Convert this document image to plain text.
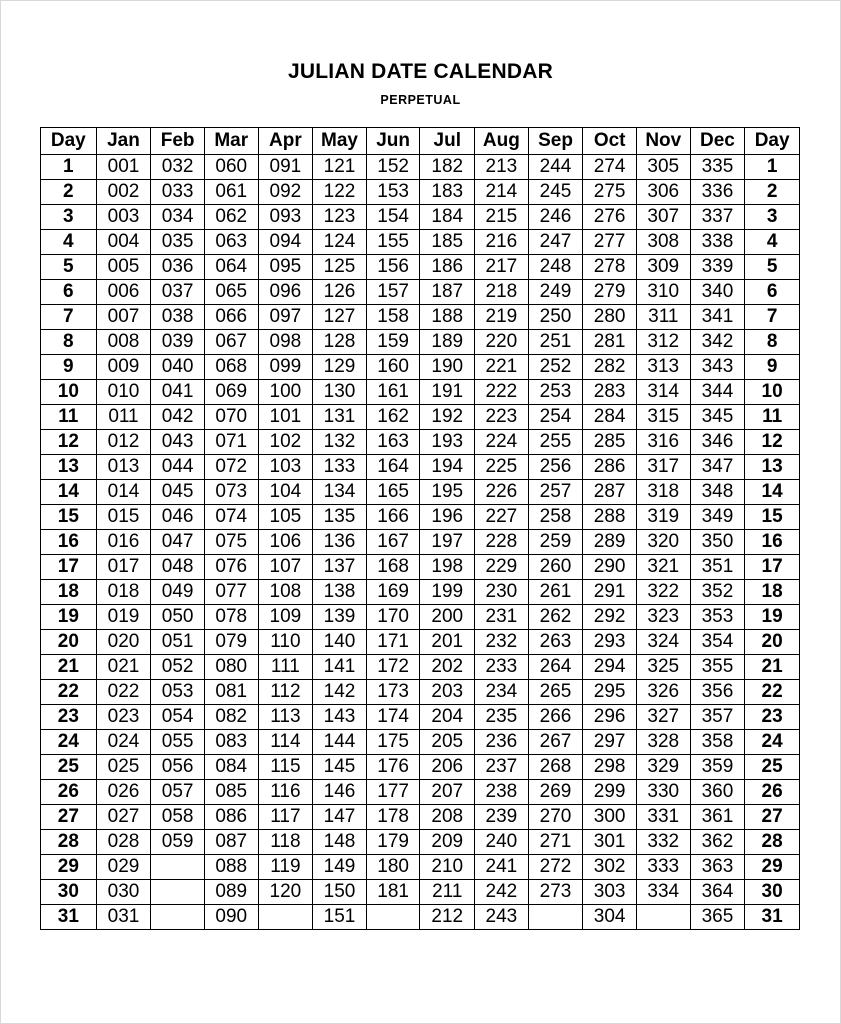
JULIAN DATE CALENDAR
PERPETUAL
Day	Jan	Feb	Mar	Apr	May	Jun	Jul	Aug	Sep	Oct	Nov	Dec	Day
1	001	032	060	091	121	152	182	213	244	274	305	335	1
2	002	033	061	092	122	153	183	214	245	275	306	336	2
3	003	034	062	093	123	154	184	215	246	276	307	337	3
4	004	035	063	094	124	155	185	216	247	277	308	338	4
5	005	036	064	095	125	156	186	217	248	278	309	339	5
6	006	037	065	096	126	157	187	218	249	279	310	340	6
7	007	038	066	097	127	158	188	219	250	280	311	341	7
8	008	039	067	098	128	159	189	220	251	281	312	342	8
9	009	040	068	099	129	160	190	221	252	282	313	343	9
10	010	041	069	100	130	161	191	222	253	283	314	344	10
11	011	042	070	101	131	162	192	223	254	284	315	345	11
12	012	043	071	102	132	163	193	224	255	285	316	346	12
13	013	044	072	103	133	164	194	225	256	286	317	347	13
14	014	045	073	104	134	165	195	226	257	287	318	348	14
15	015	046	074	105	135	166	196	227	258	288	319	349	15
16	016	047	075	106	136	167	197	228	259	289	320	350	16
17	017	048	076	107	137	168	198	229	260	290	321	351	17
18	018	049	077	108	138	169	199	230	261	291	322	352	18
19	019	050	078	109	139	170	200	231	262	292	323	353	19
20	020	051	079	110	140	171	201	232	263	293	324	354	20
21	021	052	080	111	141	172	202	233	264	294	325	355	21
22	022	053	081	112	142	173	203	234	265	295	326	356	22
23	023	054	082	113	143	174	204	235	266	296	327	357	23
24	024	055	083	114	144	175	205	236	267	297	328	358	24
25	025	056	084	115	145	176	206	237	268	298	329	359	25
26	026	057	085	116	146	177	207	238	269	299	330	360	26
27	027	058	086	117	147	178	208	239	270	300	331	361	27
28	028	059	087	118	148	179	209	240	271	301	332	362	28
29	029		088	119	149	180	210	241	272	302	333	363	29
30	030		089	120	150	181	211	242	273	303	334	364	30
31	031		090		151		212	243		304		365	31
